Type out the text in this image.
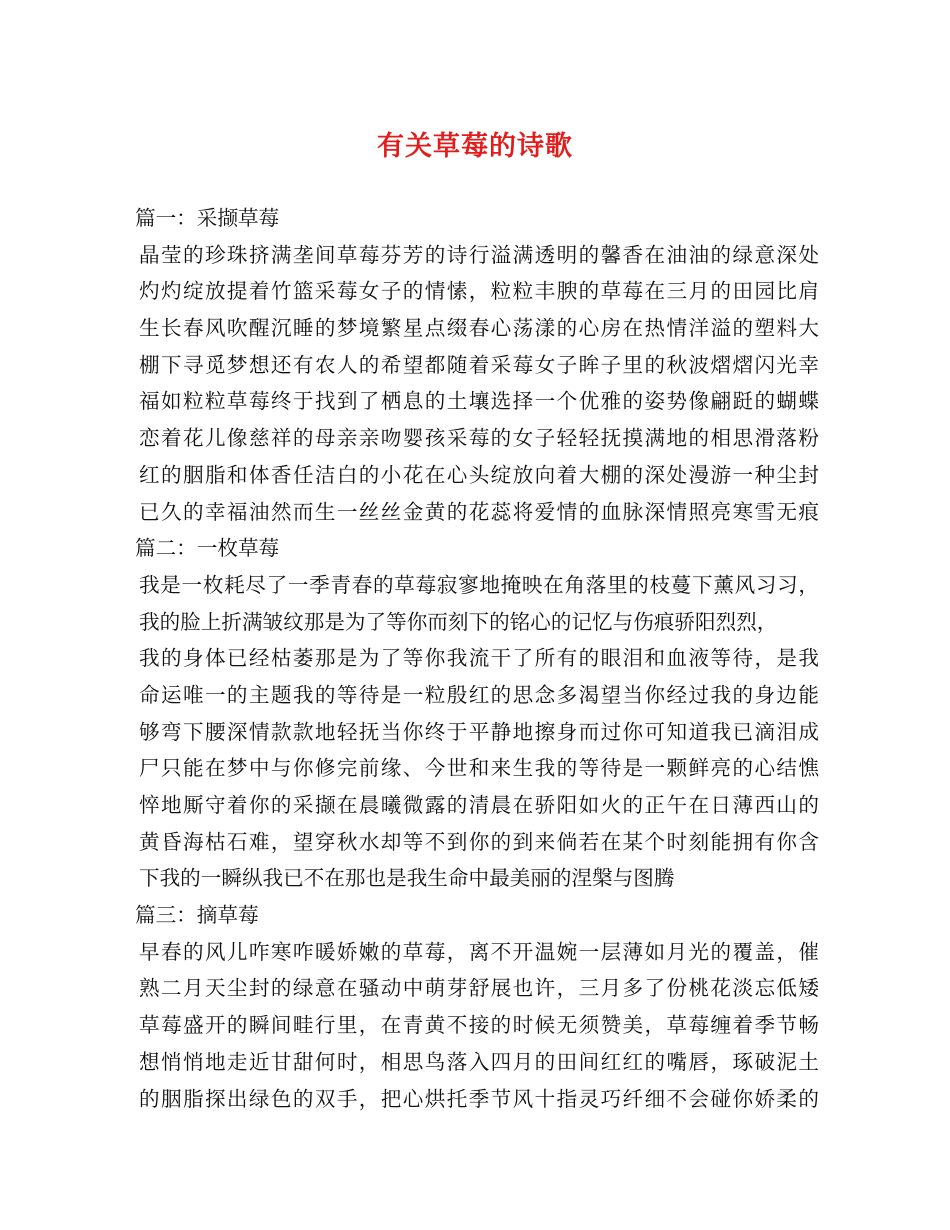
有关草莓的诗歌
篇一：采撷草莓
晶莹的珍珠挤满垄间草莓芬芳的诗行溢满透明的馨香在油油的绿意深处
灼灼绽放提着竹篮采莓女子的情愫，粒粒丰腴的草莓在三月的田园比肩
生长春风吹醒沉睡的梦境繁星点缀春心荡漾的心房在热情洋溢的塑料大
棚下寻觅梦想还有农人的希望都随着采莓女子眸子里的秋波熠熠闪光幸
福如粒粒草莓终于找到了栖息的土壤选择一个优雅的姿势像翩跹的蝴蝶
恋着花儿像慈祥的母亲亲吻婴孩采莓的女子轻轻抚摸满地的相思滑落粉
红的胭脂和体香任洁白的小花在心头绽放向着大棚的深处漫游一种尘封
已久的幸福油然而生一丝丝金黄的花蕊将爱情的血脉深情照亮寒雪无痕
篇二：一枚草莓
我是一枚耗尽了一季青春的草莓寂寥地掩映在角落里的枝蔓下薰风习习，
我的脸上折满皱纹那是为了等你而刻下的铭心的记忆与伤痕骄阳烈烈，
我的身体已经枯萎那是为了等你我流干了所有的眼泪和血液等待，是我
命运唯一的主题我的等待是一粒殷红的思念多渴望当你经过我的身边能
够弯下腰深情款款地轻抚当你终于平静地擦身而过你可知道我已滴泪成
尸只能在梦中与你修完前缘、今世和来生我的等待是一颗鲜亮的心结憔
悴地厮守着你的采撷在晨曦微露的清晨在骄阳如火的正午在日薄西山的
黄昏海枯石难，望穿秋水却等不到你的到来倘若在某个时刻能拥有你含
下我的一瞬纵我已不在那也是我生命中最美丽的涅槃与图腾
篇三：摘草莓
早春的风儿咋寒咋暖娇嫩的草莓，离不开温婉一层薄如月光的覆盖，催
熟二月天尘封的绿意在骚动中萌芽舒展也许，三月多了份桃花淡忘低矮
草莓盛开的瞬间畦行里，在青黄不接的时候无须赞美，草莓缠着季节畅
想悄悄地走近甘甜何时，相思鸟落入四月的田间红红的嘴唇，琢破泥土
的胭脂探出绿色的双手，把心烘托季节风十指灵巧纤细不会碰你娇柔的
